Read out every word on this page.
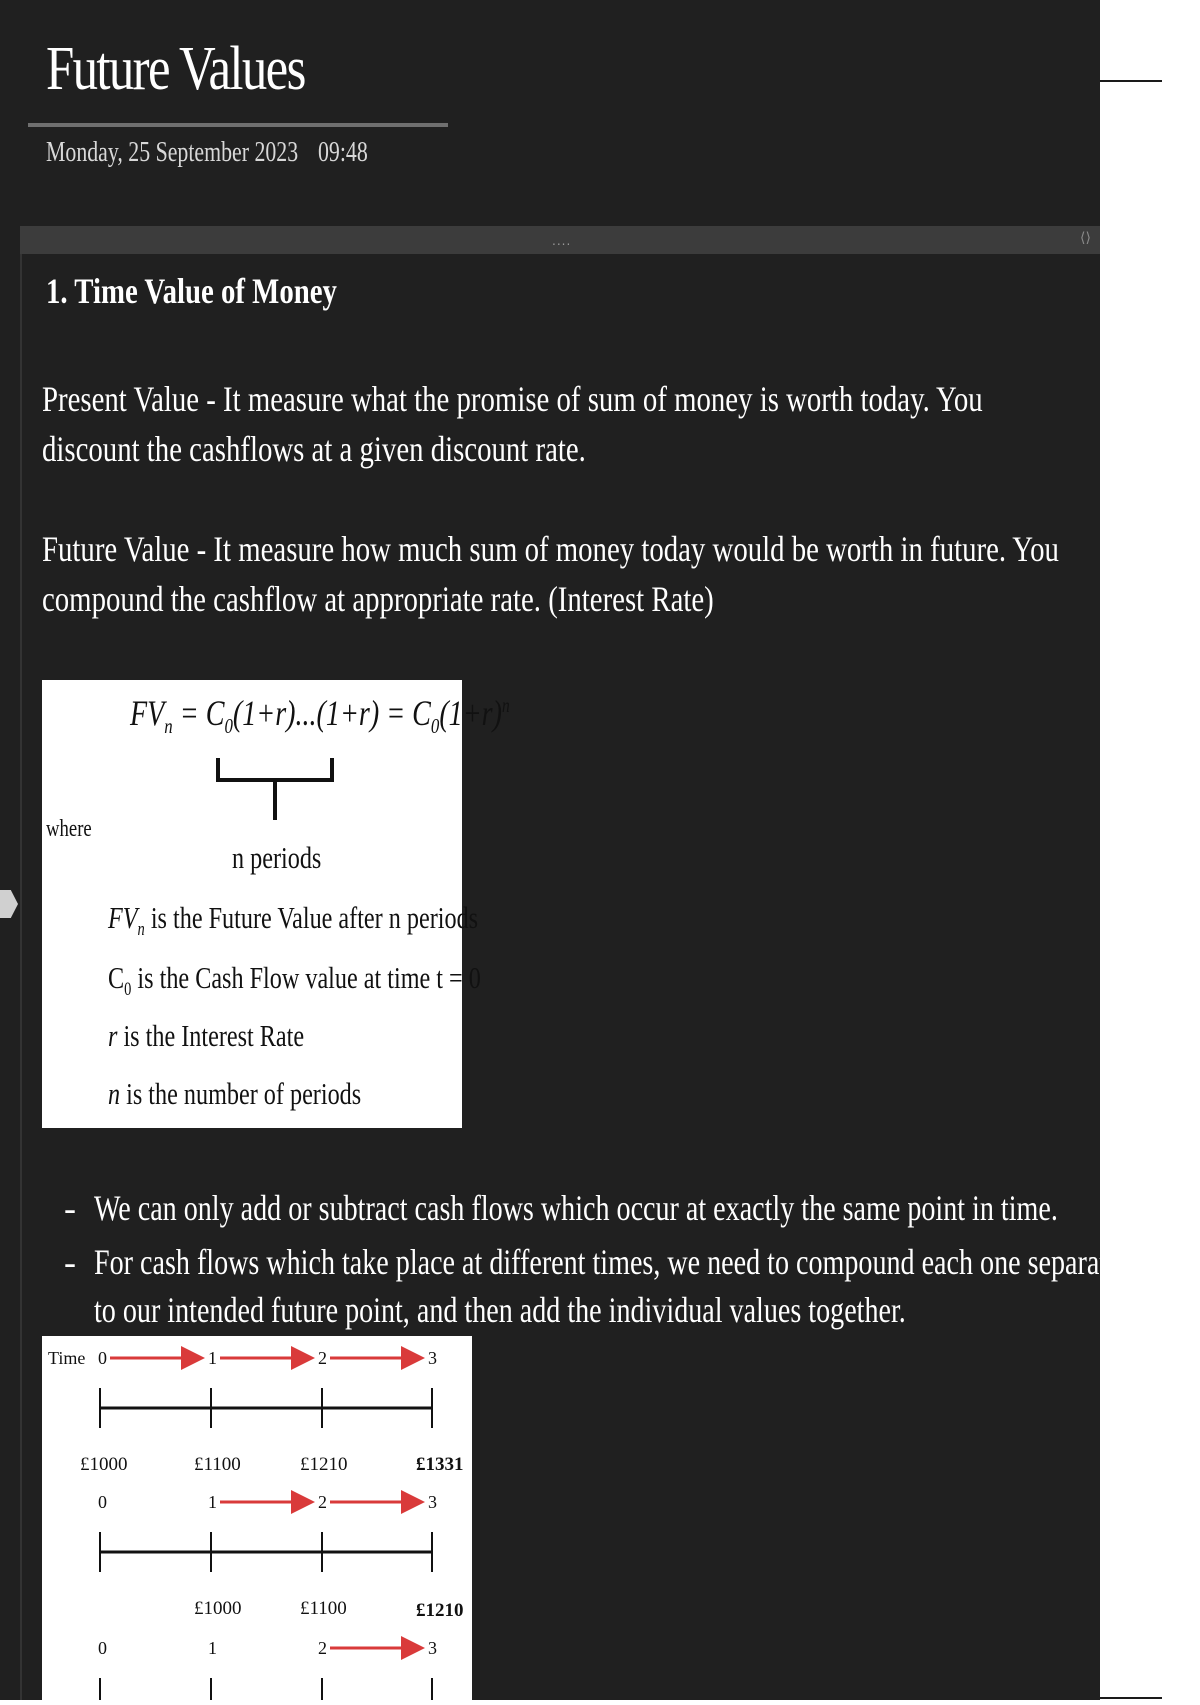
Future Values
Monday, 25 September 2023 09:48
....	⟨⟩
1. Time Value of Money
Present Value - It measure what the promise of sum of money is worth today. You discount the cashflows at a given discount rate.
Future Value - It measure how much sum of money today would be worth in future. You compound the cashflow at appropriate rate. (Interest Rate)
$FV_n = C_0(1+r)...(1+r) = C_0(1+r)^n$
where
n periods
$FV_n$ is the Future Value after n periods
$C_0$ is the Cash Flow value at time t = 0
r is the Interest Rate
n is the number of periods
- We can only add or subtract cash flows which occur at exactly the same point in time.
- For cash flows which take place at different times, we need to compound each one separately to our intended future point, and then add the individual values together.
Time 0	1	2	3
£1000	£1100	£1210	£1331
0	1	2	3
£1000	£1100	£1210
0	1	2	3
